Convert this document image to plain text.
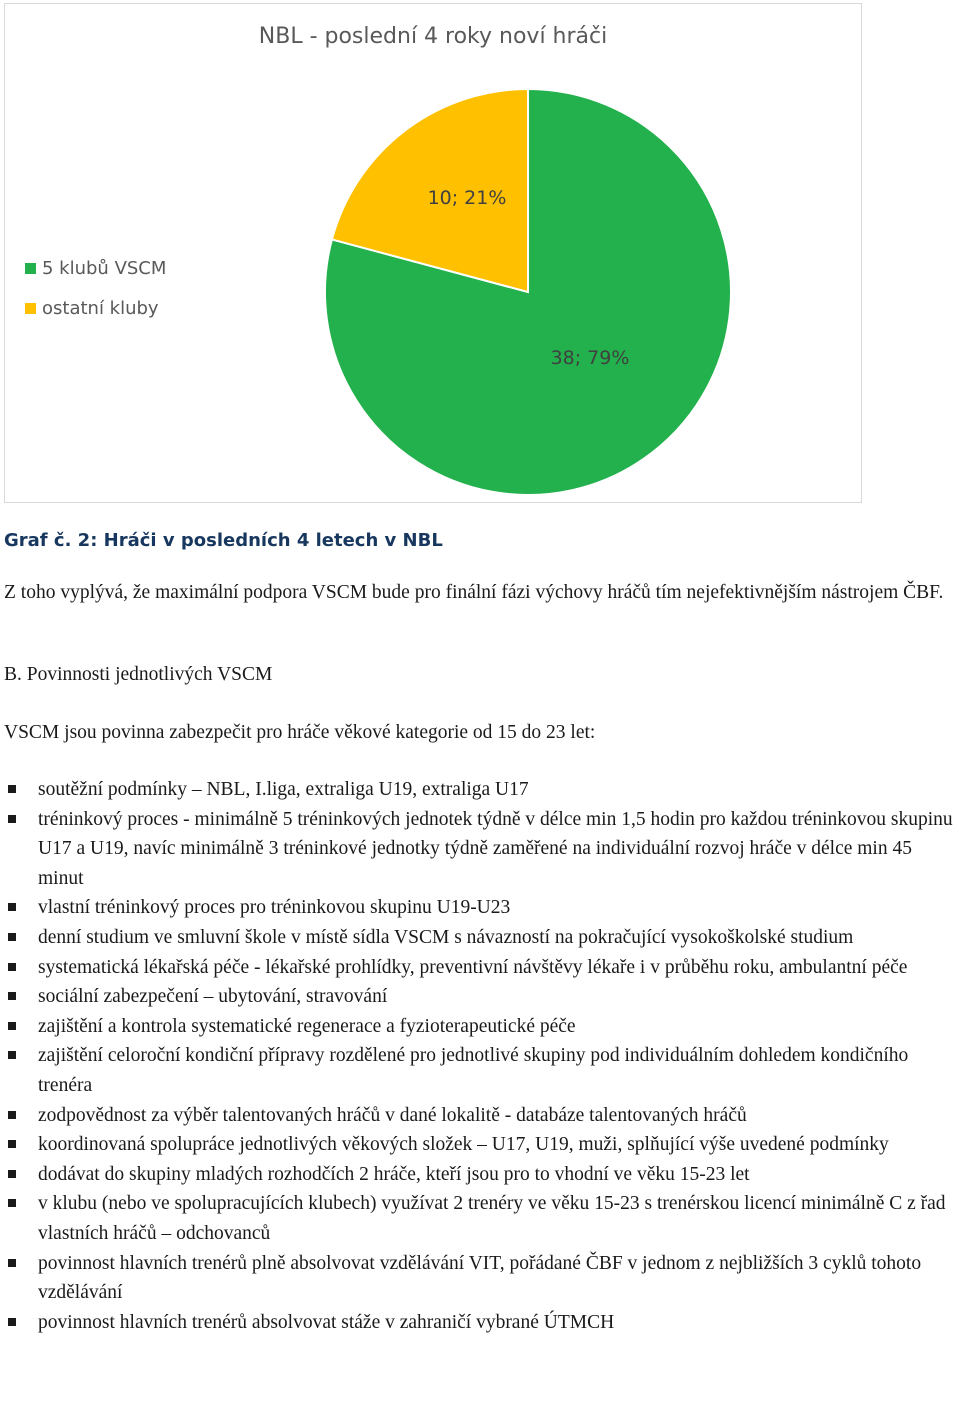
NBL - poslední 4 roky noví hráči
38; 79%
10; 21%
5 klubů VSCM
ostatní kluby
Graf č. 2: Hráči v posledních 4 letech v NBL
Z toho vyplývá, že maximální podpora VSCM bude pro finální fázi výchovy hráčů tím nejefektivnějším nástrojem ČBF.
B. Povinnosti jednotlivých VSCM
VSCM jsou povinna zabezpečit pro hráče věkové kategorie od 15 do 23 let:
soutěžní podmínky – NBL, I.liga, extraliga U19, extraliga U17
tréninkový proces - minimálně 5 tréninkových jednotek týdně v délce min 1,5 hodin pro každou tréninkovou skupinu U17 a U19, navíc minimálně 3 tréninkové jednotky týdně zaměřené na individuální rozvoj hráče v délce min 45 minut
vlastní tréninkový proces pro tréninkovou skupinu U19-U23
denní studium ve smluvní škole v místě sídla VSCM s návazností na pokračující vysokoškolské studium
systematická lékařská péče - lékařské prohlídky, preventivní návštěvy lékaře i v průběhu roku, ambulantní péče
sociální zabezpečení – ubytování, stravování
zajištění a kontrola systematické regenerace a fyzioterapeutické péče
zajištění celoroční kondiční přípravy rozdělené pro jednotlivé skupiny pod individuálním dohledem kondičního trenéra
zodpovědnost za výběr talentovaných hráčů v dané lokalitě - databáze talentovaných hráčů
koordinovaná spolupráce jednotlivých věkových složek – U17, U19, muži, splňující výše uvedené podmínky
dodávat do skupiny mladých rozhodčích 2 hráče, kteří jsou pro to vhodní ve věku 15-23 let
v klubu (nebo ve spolupracujících klubech) využívat 2 trenéry ve věku 15-23 s trenérskou licencí minimálně C z řad vlastních hráčů – odchovanců
povinnost hlavních trenérů plně absolvovat vzdělávání VIT, pořádané ČBF v jednom z nejbližších 3 cyklů tohoto vzdělávání
povinnost hlavních trenérů absolvovat stáže v zahraničí vybrané ÚTMCH
